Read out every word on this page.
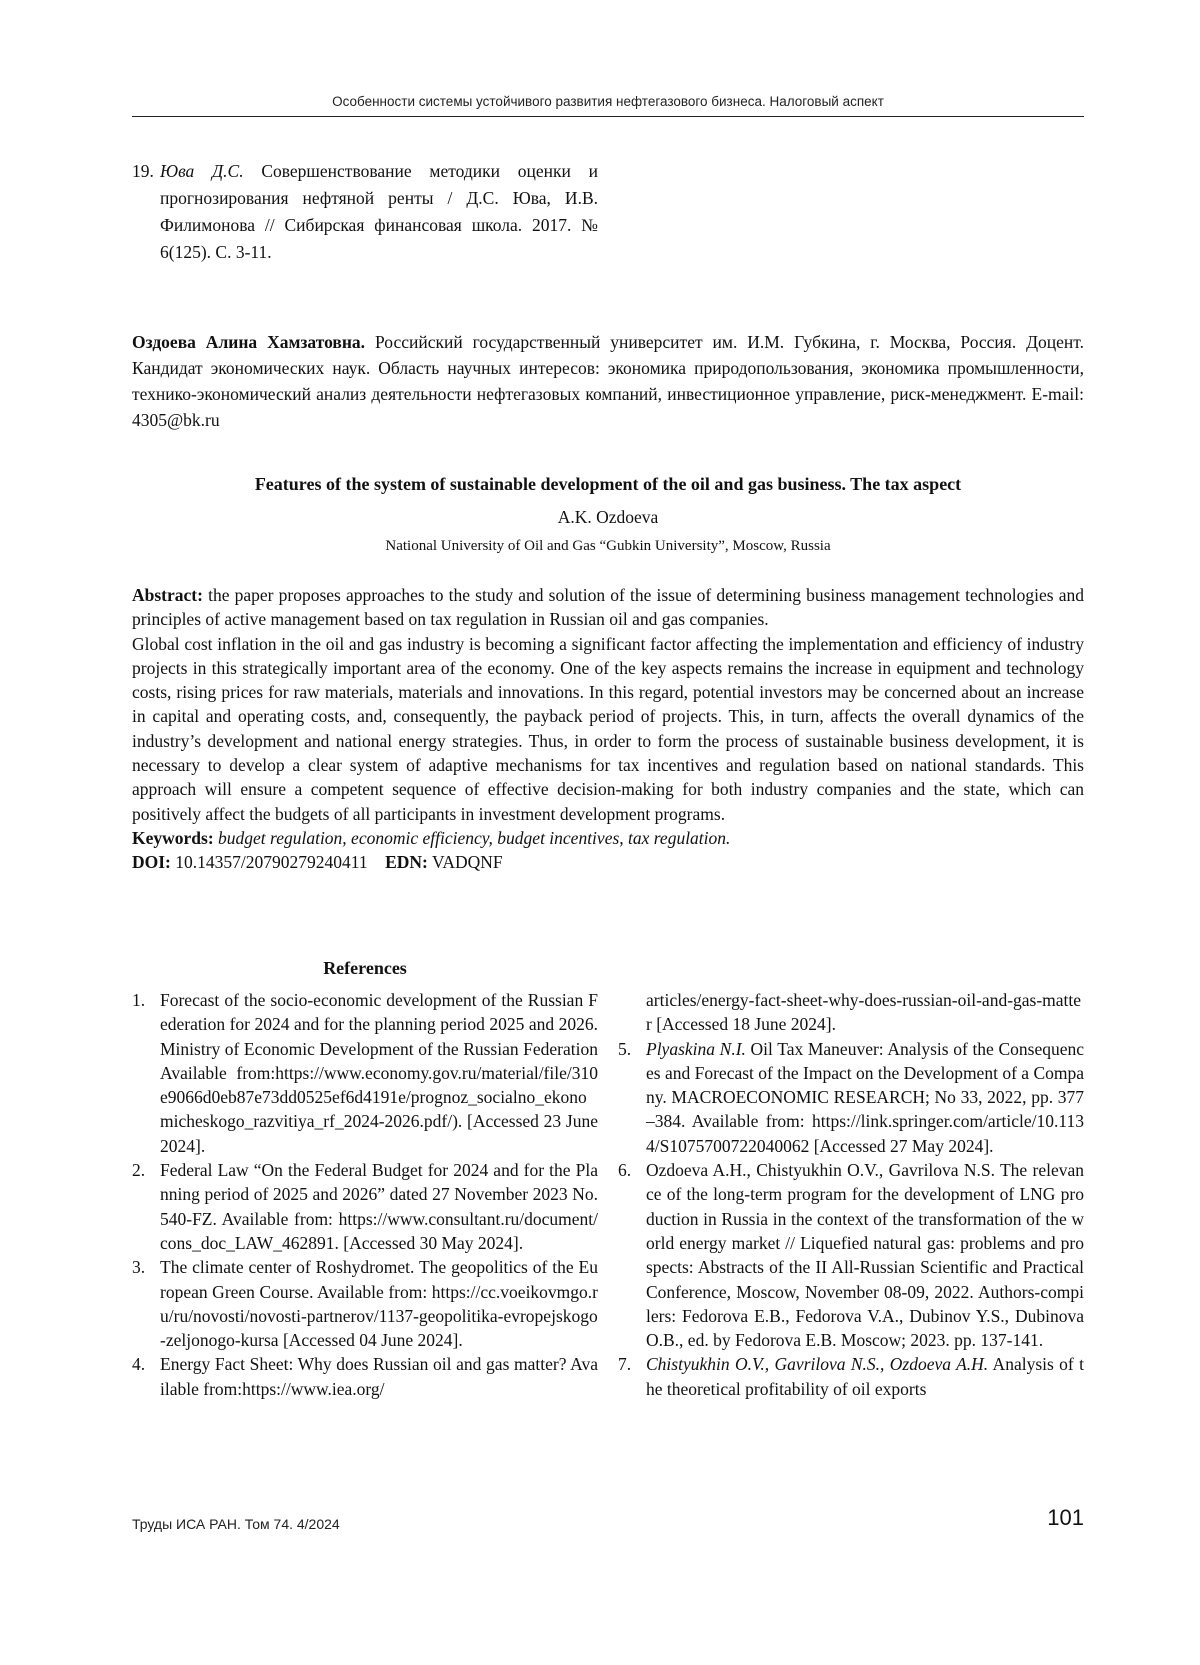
Особенности системы устойчивого развития нефтегазового бизнеса. Налоговый аспект
19. Юва Д.С. Совершенствование методики оценки и прогнозирования нефтяной ренты / Д.С. Юва, И.В. Филимонова // Сибирская финансовая школа. 2017. № 6(125). С. 3-11.
Оздоева Алина Хамзатовна. Российский государственный университет им. И.М. Губкина, г. Москва, Россия. Доцент. Кандидат экономических наук. Область научных интересов: экономика природопользования, экономика промышленности, технико-экономический анализ деятельности нефтегазовых компаний, инвестиционное управление, риск-менеджмент. E-mail: 4305@bk.ru
Features of the system of sustainable development of the oil and gas business. The tax aspect
A.K. Ozdoeva
National University of Oil and Gas “Gubkin University”, Moscow, Russia

Abstract: the paper proposes approaches to the study and solution of the issue of determining business management technologies and principles of active management based on tax regulation in Russian oil and gas companies.

Global cost inflation in the oil and gas industry is becoming a significant factor affecting the implementation and efficiency of industry projects in this strategically important area of the economy. One of the key aspects remains the increase in equipment and technology costs, rising prices for raw materials, materials and innovations. In this regard, potential investors may be concerned about an increase in capital and operating costs, and, consequently, the payback period of projects. This, in turn, affects the overall dynamics of the industry’s development and national energy strategies. Thus, in order to form the process of sustainable business development, it is necessary to develop a clear system of adaptive mechanisms for tax incentives and regulation based on national standards. This approach will ensure a competent sequence of effective decision-making for both industry companies and the state, which can positively affect the budgets of all participants in investment development programs.

Keywords: budget regulation, economic efficiency, budget incentives, tax regulation.

DOI: 10.14357/20790279240411 EDN: VADQNF

References
1. Forecast of the socio-economic development of the Russian Federation for 2024 and for the planning period 2025 and 2026. Ministry of Economic Development of the Russian Federation Available from:https://www.economy.gov.ru/material/file/310e9066d0eb87e73dd0525ef6d4191e/prognoz_socialno_ekonomicheskogo_razvitiya_rf_2024-2026.pdf/). [Accessed 23 June 2024].
2. Federal Law “On the Federal Budget for 2024 and for the Planning period of 2025 and 2026” dated 27 November 2023 No. 540-FZ. Available from: https://www.consultant.ru/document/cons_doc_LAW_462891. [Accessed 30 May 2024].
3. The climate center of Roshydromet. The geopolitics of the European Green Course. Available from: https://cc.voeikovmgo.ru/ru/novosti/novosti-partnerov/1137-geopolitika-evropejskogo-zeljonogo-kursa [Accessed 04 June 2024].
4. Energy Fact Sheet: Why does Russian oil and gas matter? Available from:https://www.iea.org/
articles/energy-fact-sheet-why-does-russian-oil-and-gas-matter [Accessed 18 June 2024].
5. Plyaskina N.I. Oil Tax Maneuver: Analysis of the Consequences and Forecast of the Impact on the Development of a Company. MACROECONOMIC RESEARCH; No 33, 2022, pp. 377–384. Available from: https://link.springer.com/article/10.1134/S1075700722040062 [Accessed 27 May 2024].
6. Ozdoeva A.H., Chistyukhin O.V., Gavrilova N.S. The relevance of the long-term program for the development of LNG production in Russia in the context of the transformation of the world energy market // Liquefied natural gas: problems and prospects: Abstracts of the II All-Russian Scientific and Practical Conference, Moscow, November 08-09, 2022. Authors-compilers: Fedorova E.B., Fedorova V.A., Dubinov Y.S., Dubinova O.B., ed. by Fedorova E.B. Moscow; 2023. pp. 137-141.
7. Chistyukhin O.V., Gavrilova N.S., Ozdoeva A.H. Analysis of the theoretical profitability of oil exports
Труды ИСА РАН. Том 74. 4/2024	101
